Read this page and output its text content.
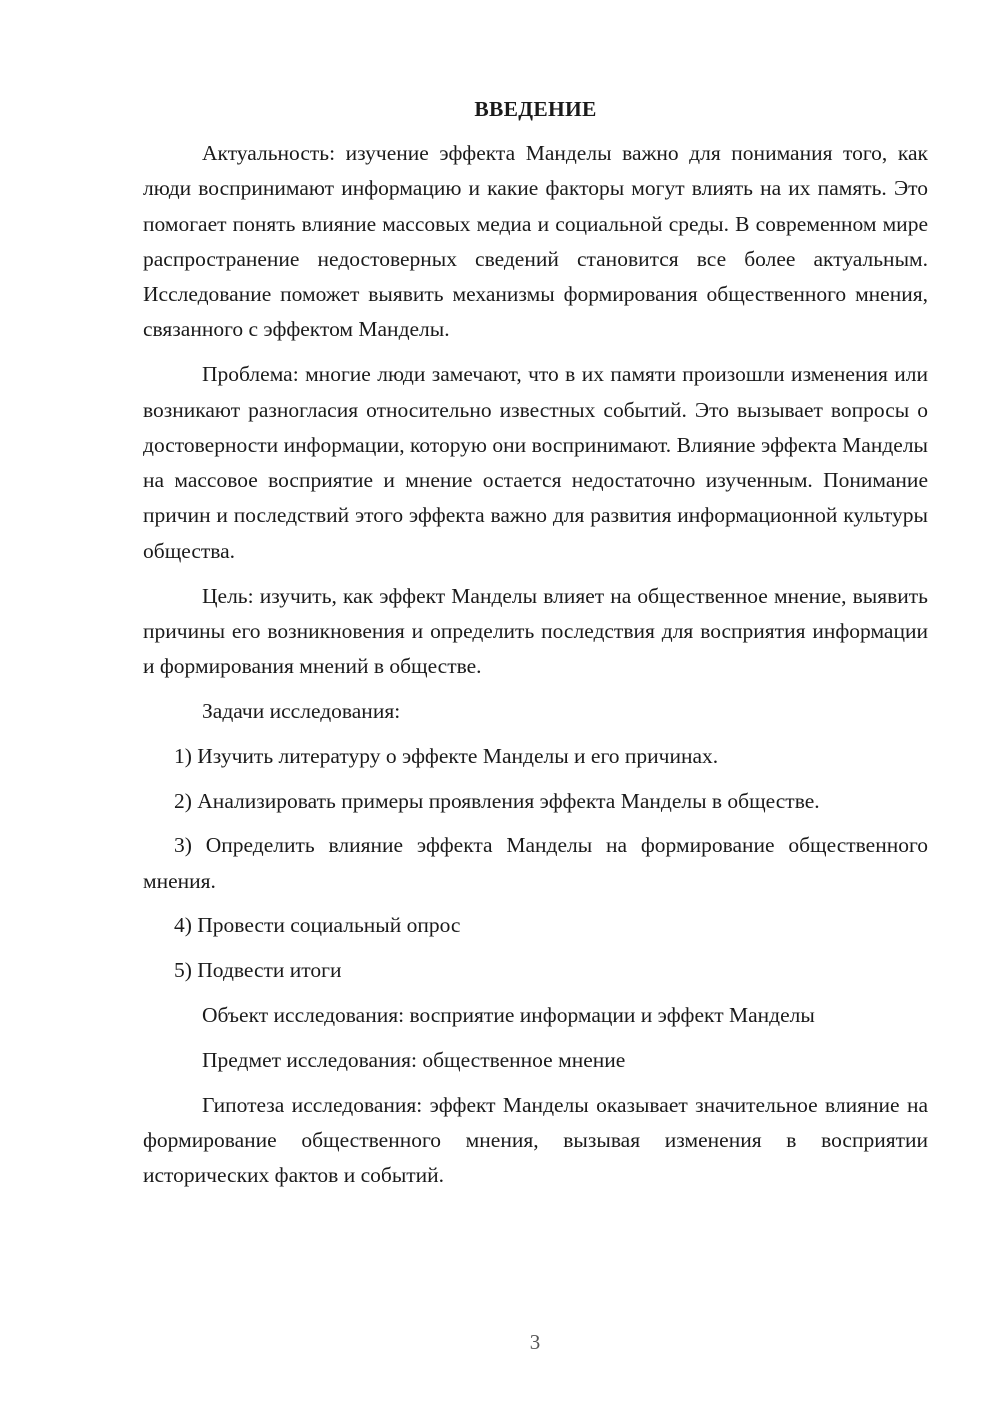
ВВЕДЕНИЕ

Актуальность: изучение эффекта Манделы важно для понимания того, как люди воспринимают информацию и какие факторы могут влиять на их память. Это помогает понять влияние массовых медиа и социальной среды. В современном мире распространение недостоверных сведений становится все более актуальным. Исследование поможет выявить механизмы формирования общественного мнения, связанного с эффектом Манделы.

Проблема: многие люди замечают, что в их памяти произошли изменения или возникают разногласия относительно известных событий. Это вызывает вопросы о достоверности информации, которую они воспринимают. Влияние эффекта Манделы на массовое восприятие и мнение остается недостаточно изученным. Понимание причин и последствий этого эффекта важно для развития информационной культуры общества.

Цель: изучить, как эффект Манделы влияет на общественное мнение, выявить причины его возникновения и определить последствия для восприятия информации и формирования мнений в обществе.

Задачи исследования:

1) Изучить литературу о эффекте Манделы и его причинах.

2) Анализировать примеры проявления эффекта Манделы в обществе.

3) Определить влияние эффекта Манделы на формирование общественного мнения.

4) Провести социальный опрос

5) Подвести итоги

Объект исследования: восприятие информации и эффект Манделы

Предмет исследования: общественное мнение

Гипотеза исследования: эффект Манделы оказывает значительное влияние на формирование общественного мнения, вызывая изменения в восприятии исторических фактов и событий.

3
